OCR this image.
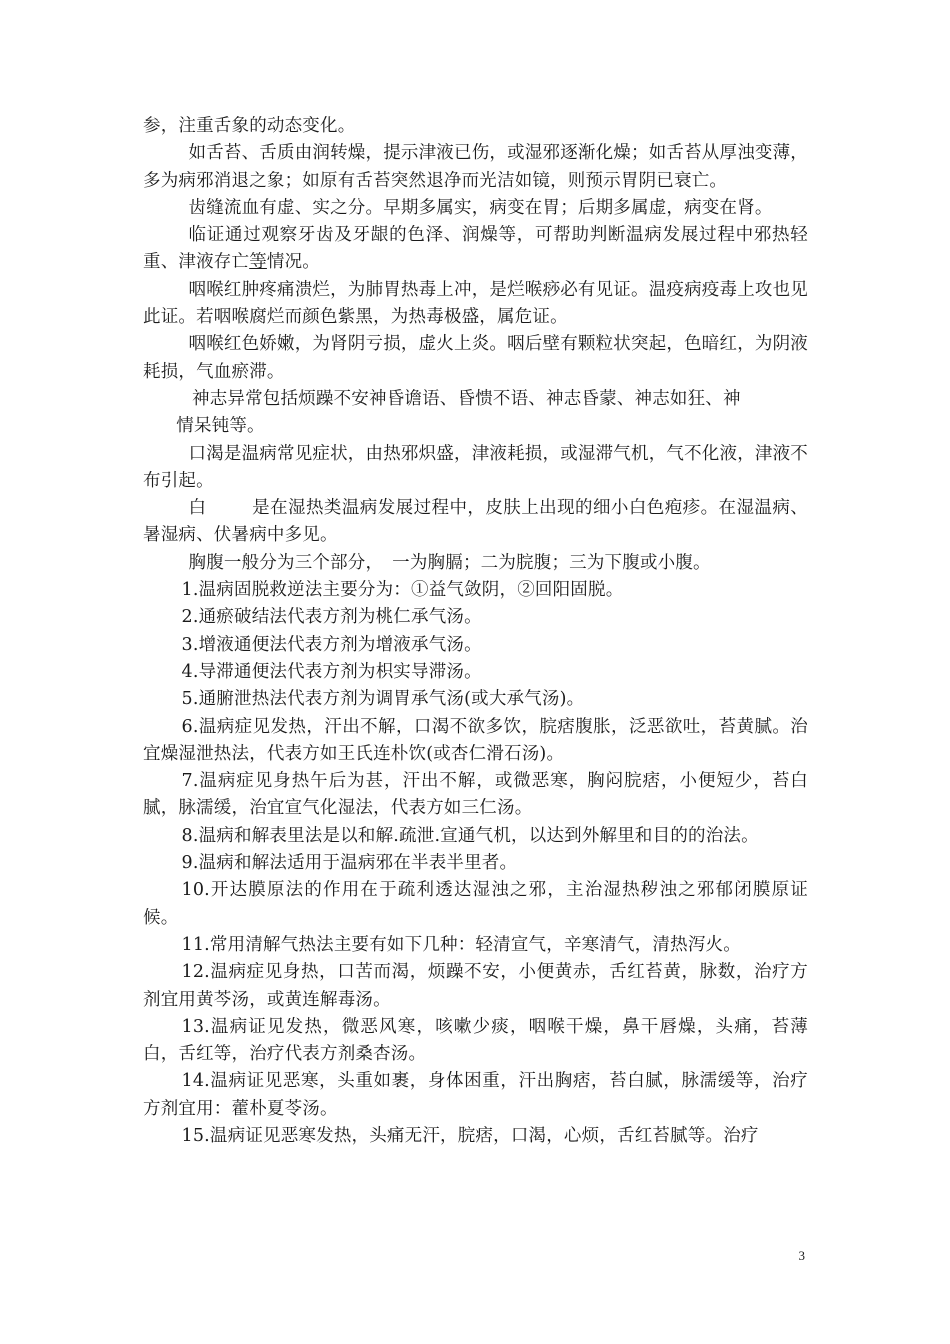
参，注重舌象的动态变化。

如舌苔、舌质由润转燥，提示津液已伤，或湿邪逐渐化燥；如舌苔从厚浊变薄，多为病邪消退之象；如原有舌苔突然退净而光洁如镜，则预示胃阴已衰亡。

齿缝流血有虚、实之分。早期多属实，病变在胃；后期多属虚，病变在肾。

临证通过观察牙齿及牙龈的色泽、润燥等，可帮助判断温病发展过程中邪热轻重、津液存亡等情况。

咽喉红肿疼痛溃烂，为肺胃热毒上冲，是烂喉痧必有见证。温疫病疫毒上攻也见此证。若咽喉腐烂而颜色紫黑，为热毒极盛，属危证。

咽喉红色娇嫩，为肾阴亏损，虚火上炎。咽后壁有颗粒状突起，色暗红，为阴液耗损，气血瘀滞。

神志异常包括烦躁不安神昏谵语、昏愦不语、神志昏蒙、神志如狂、神
情呆钝等。

口渴是温病常见症状，由热邪炽盛，津液耗损，或湿滞气机，气不化液，津液不布引起。

白	是在湿热类温病发展过程中，皮肤上出现的细小白色疱疹。在湿温病、暑湿病、伏暑病中多见。

胸腹一般分为三个部分，　一为胸膈；二为脘腹；三为下腹或小腹。

1.温病固脱救逆法主要分为：①益气敛阴，②回阳固脱。

2.通瘀破结法代表方剂为桃仁承气汤。

3.增液通便法代表方剂为增液承气汤。

4.导滞通便法代表方剂为枳实导滞汤。

5.通腑泄热法代表方剂为调胃承气汤(或大承气汤)。

6.温病症见发热，汗出不解，口渴不欲多饮，脘痞腹胀，泛恶欲吐，苔黄腻。治宜燥湿泄热法，代表方如王氏连朴饮(或杏仁滑石汤)。

7.温病症见身热午后为甚，汗出不解，或微恶寒，胸闷脘痞，小便短少，苔白腻，脉濡缓，治宜宣气化湿法，代表方如三仁汤。

8.温病和解表里法是以和解.疏泄.宣通气机，以达到外解里和目的的治法。

9.温病和解法适用于温病邪在半表半里者。

10.开达膜原法的作用在于疏利透达湿浊之邪，主治湿热秽浊之邪郁闭膜原证候。

11.常用清解气热法主要有如下几种：轻清宣气，辛寒清气，清热泻火。

12.温病症见身热，口苦而渴，烦躁不安，小便黄赤，舌红苔黄，脉数，治疗方剂宜用黄芩汤，或黄连解毒汤。

13.温病证见发热，微恶风寒，咳嗽少痰，咽喉干燥，鼻干唇燥，头痛，苔薄白，舌红等，治疗代表方剂桑杏汤。

14.温病证见恶寒，头重如裹，身体困重，汗出胸痞，苔白腻，脉濡缓等，治疗方剂宜用：藿朴夏苓汤。

15.温病证见恶寒发热，头痛无汗，脘痞，口渴，心烦，舌红苔腻等。治疗

3
